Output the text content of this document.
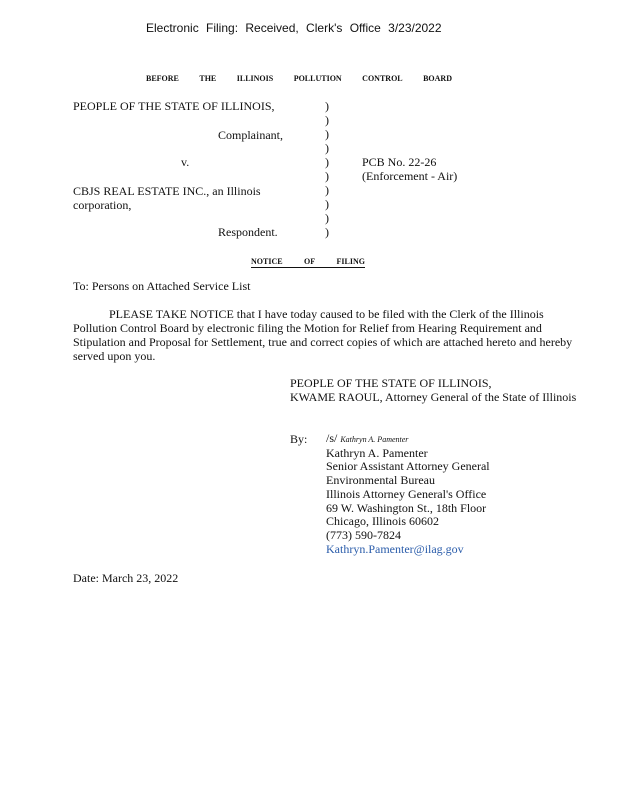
Electronic Filing: Received, Clerk's Office 3/23/2022
BEFORE	THE	ILLINOIS	POLLUTION	CONTROL	BOARD
PEOPLE OF THE STATE OF ILLINOIS,
Complainant,
v.
CBJS REAL ESTATE INC., an Illinois
corporation,
Respondent.
)
)
)
)
)
)
)
)
)
)
PCB No. 22-26
(Enforcement - Air)
NOTICE	OF	FILING
To: Persons on Attached Service List
PLEASE TAKE NOTICE that I have today caused to be filed with the Clerk of the Illinois Pollution Control Board by electronic filing the Motion for Relief from Hearing Requirement and Stipulation and Proposal for Settlement, true and correct copies of which are attached hereto and hereby served upon you.
PEOPLE OF THE STATE OF ILLINOIS,
KWAME RAOUL, Attorney General of the State of Illinois
By: /s/ Kathryn A. Pamenter
Kathryn A. Pamenter
Senior Assistant Attorney General
Environmental Bureau
Illinois Attorney General's Office
69 W. Washington St., 18th Floor
Chicago, Illinois 60602
(773) 590-7824
Kathryn.Pamenter@ilag.gov
Date: March 23, 2022
